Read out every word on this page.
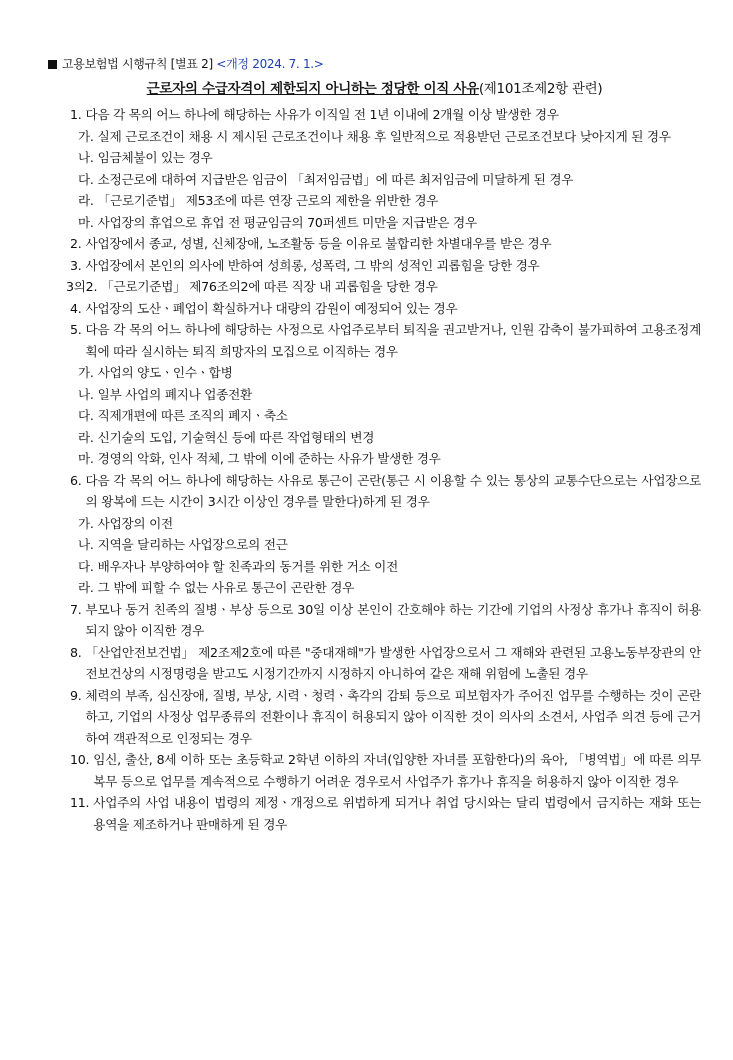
고용보험법 시행규칙 [별표 2] <개정 2024. 7. 1.>
근로자의 수급자격이 제한되지 아니하는 정당한 이직 사유(제101조제2항 관련)
1. 다음 각 목의 어느 하나에 해당하는 사유가 이직일 전 1년 이내에 2개월 이상 발생한 경우
가. 실제 근로조건이 채용 시 제시된 근로조건이나 채용 후 일반적으로 적용받던 근로조건보다 낮아지게 된 경우
나. 임금체불이 있는 경우
다. 소정근로에 대하여 지급받은 임금이 「최저임금법」에 따른 최저임금에 미달하게 된 경우
라. 「근로기준법」 제53조에 따른 연장 근로의 제한을 위반한 경우
마. 사업장의 휴업으로 휴업 전 평균임금의 70퍼센트 미만을 지급받은 경우
2. 사업장에서 종교, 성별, 신체장애, 노조활동 등을 이유로 불합리한 차별대우를 받은 경우
3. 사업장에서 본인의 의사에 반하여 성희롱, 성폭력, 그 밖의 성적인 괴롭힘을 당한 경우
3의2. 「근로기준법」 제76조의2에 따른 직장 내 괴롭힘을 당한 경우
4. 사업장의 도산ㆍ폐업이 확실하거나 대량의 감원이 예정되어 있는 경우
5. 다음 각 목의 어느 하나에 해당하는 사정으로 사업주로부터 퇴직을 권고받거나, 인원 감축이 불가피하여 고용조정계획에 따라 실시하는 퇴직 희망자의 모집으로 이직하는 경우
가. 사업의 양도ㆍ인수ㆍ합병
나. 일부 사업의 폐지나 업종전환
다. 직제개편에 따른 조직의 폐지ㆍ축소
라. 신기술의 도입, 기술혁신 등에 따른 작업형태의 변경
마. 경영의 악화, 인사 적체, 그 밖에 이에 준하는 사유가 발생한 경우
6. 다음 각 목의 어느 하나에 해당하는 사유로 통근이 곤란(통근 시 이용할 수 있는 통상의 교통수단으로는 사업장으로의 왕복에 드는 시간이 3시간 이상인 경우를 말한다)하게 된 경우
가. 사업장의 이전
나. 지역을 달리하는 사업장으로의 전근
다. 배우자나 부양하여야 할 친족과의 동거를 위한 거소 이전
라. 그 밖에 피할 수 없는 사유로 통근이 곤란한 경우
7. 부모나 동거 친족의 질병ㆍ부상 등으로 30일 이상 본인이 간호해야 하는 기간에 기업의 사정상 휴가나 휴직이 허용되지 않아 이직한 경우
8. 「산업안전보건법」 제2조제2호에 따른 "중대재해"가 발생한 사업장으로서 그 재해와 관련된 고용노동부장관의 안전보건상의 시정명령을 받고도 시정기간까지 시정하지 아니하여 같은 재해 위험에 노출된 경우
9. 체력의 부족, 심신장애, 질병, 부상, 시력ㆍ청력ㆍ촉각의 감퇴 등으로 피보험자가 주어진 업무를 수행하는 것이 곤란하고, 기업의 사정상 업무종류의 전환이나 휴직이 허용되지 않아 이직한 것이 의사의 소견서, 사업주 의견 등에 근거하여 객관적으로 인정되는 경우
10. 임신, 출산, 8세 이하 또는 초등학교 2학년 이하의 자녀(입양한 자녀를 포함한다)의 육아, 「병역법」에 따른 의무복무 등으로 업무를 계속적으로 수행하기 어려운 경우로서 사업주가 휴가나 휴직을 허용하지 않아 이직한 경우
11. 사업주의 사업 내용이 법령의 제정ㆍ개정으로 위법하게 되거나 취업 당시와는 달리 법령에서 금지하는 재화 또는 용역을 제조하거나 판매하게 된 경우
